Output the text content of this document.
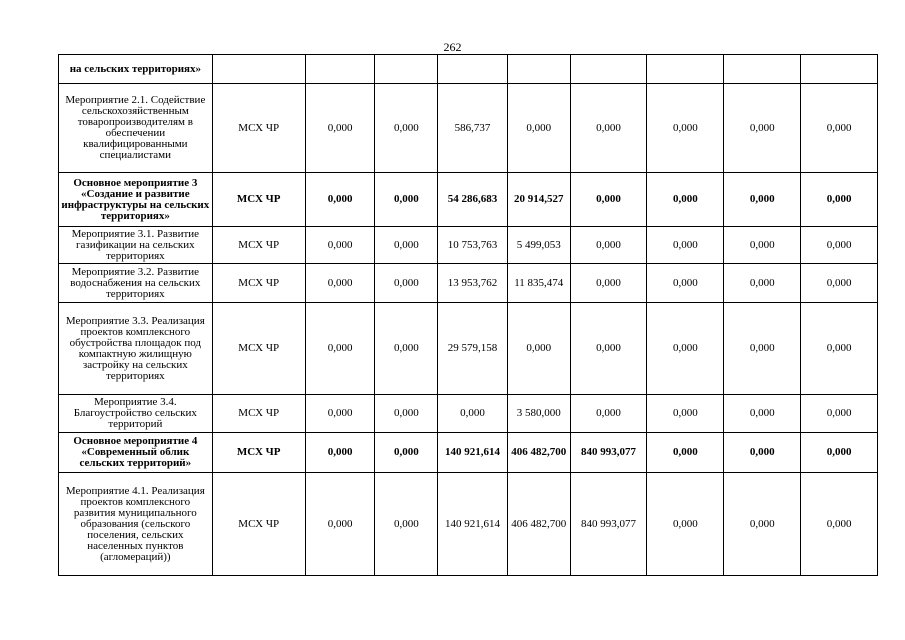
262
на сельских территориях»									
Мероприятие 2.1. Содействие сельскохозяйственным товаропроизводителям в обеспечении квалифицированными специалистами	МСХ ЧР	0,000	0,000	586,737	0,000	0,000	0,000	0,000	0,000
Основное мероприятие 3 «Создание и развитие инфраструктуры на сельских территориях»	МСХ ЧР	0,000	0,000	54 286,683	20 914,527	0,000	0,000	0,000	0,000
Мероприятие 3.1. Развитие газификации на сельских территориях	МСХ ЧР	0,000	0,000	10 753,763	5 499,053	0,000	0,000	0,000	0,000
Мероприятие 3.2. Развитие водоснабжения на сельских территориях	МСХ ЧР	0,000	0,000	13 953,762	11 835,474	0,000	0,000	0,000	0,000
Мероприятие 3.3. Реализация проектов комплексного обустройства площадок под компактную жилищную застройку на сельских территориях	МСХ ЧР	0,000	0,000	29 579,158	0,000	0,000	0,000	0,000	0,000
Мероприятие 3.4. Благоустройство сельских территорий	МСХ ЧР	0,000	0,000	0,000	3 580,000	0,000	0,000	0,000	0,000
Основное мероприятие 4 «Современный облик сельских территорий»	МСХ ЧР	0,000	0,000	140 921,614	406 482,700	840 993,077	0,000	0,000	0,000
Мероприятие 4.1. Реализация проектов комплексного развития муниципального образования (сельского поселения, сельских населенных пунктов (агломераций))	МСХ ЧР	0,000	0,000	140 921,614	406 482,700	840 993,077	0,000	0,000	0,000
